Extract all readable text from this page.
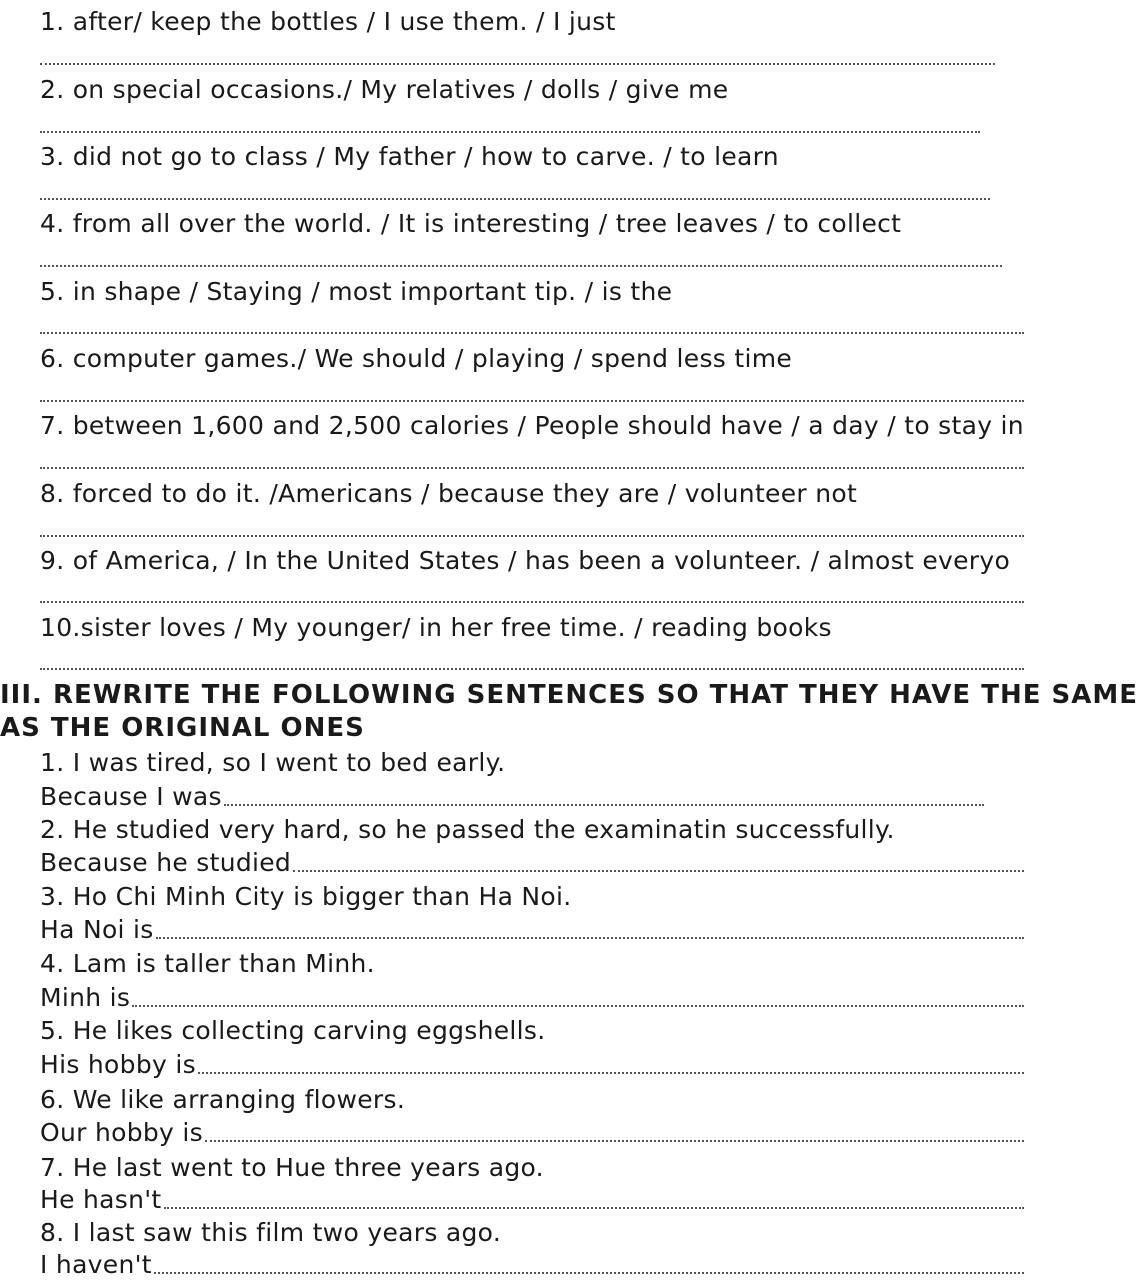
1. after/ keep the bottles / I use them. / I just
2. on special occasions./ My relatives / dolls / give me
3. did not go to class / My father / how to carve. / to learn
4. from all over the world. / It is interesting / tree leaves / to collect
5. in shape / Staying / most important tip. / is the
6. computer games./ We should / playing / spend less time
7. between 1,600 and 2,500 calories / People should have / a day / to stay in
8. forced to do it. /Americans / because they are / volunteer not
9. of America, / In the United States / has been a volunteer. / almost everyo
10.sister loves / My younger/ in her free time. / reading books
III. REWRITE THE FOLLOWING SENTENCES SO THAT THEY HAVE THE SAME
AS THE ORIGINAL ONES
1. I was tired, so I went to bed early.
Because I was
2. He studied very hard, so he passed the examinatin successfully.
Because he studied
3. Ho Chi Minh City is bigger than Ha Noi.
Ha Noi is
4. Lam is taller than Minh.
Minh is
5. He likes collecting carving eggshells.
His hobby is
6. We like arranging flowers.
Our hobby is
7. He last went to Hue three years ago.
He hasn't
8. I last saw this film two years ago.
I haven't
